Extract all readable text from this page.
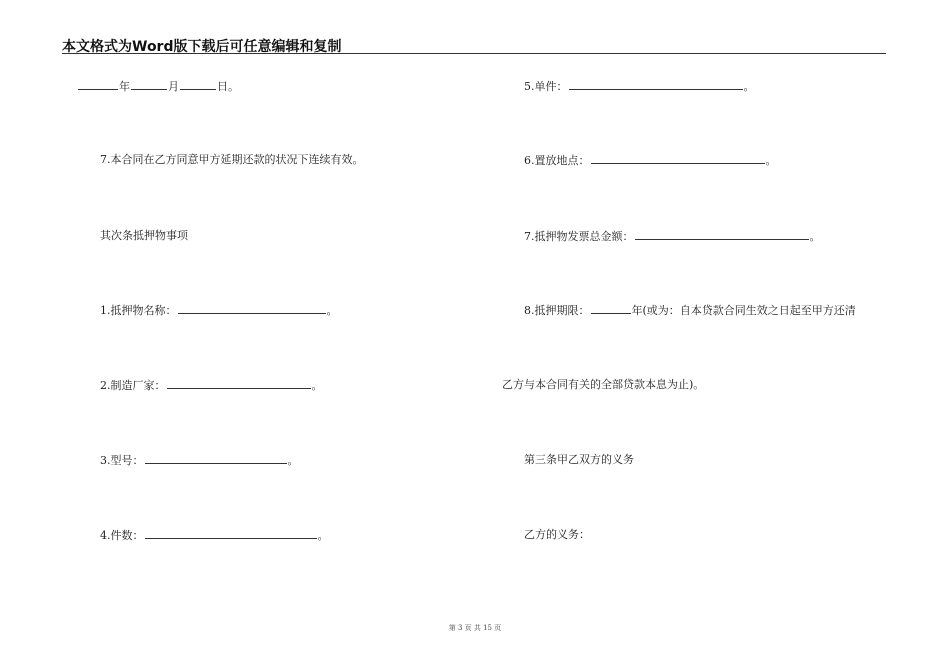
本文格式为Word版下载后可任意编辑和复制
年	月	日。
7.本合同在乙方同意甲方延期还款的状况下连续有效。
其次条抵押物事项
1.抵押物名称：	。
2.制造厂家：	。
3.型号：	。
4.件数：	。
5.单件：	。
6.置放地点：	。
7.抵押物发票总金额：	。
8.抵押期限：	年(或为：自本贷款合同生效之日起至甲方还清
乙方与本合同有关的全部贷款本息为止)。
第三条甲乙双方的义务
乙方的义务：
第 3 页 共 15 页
